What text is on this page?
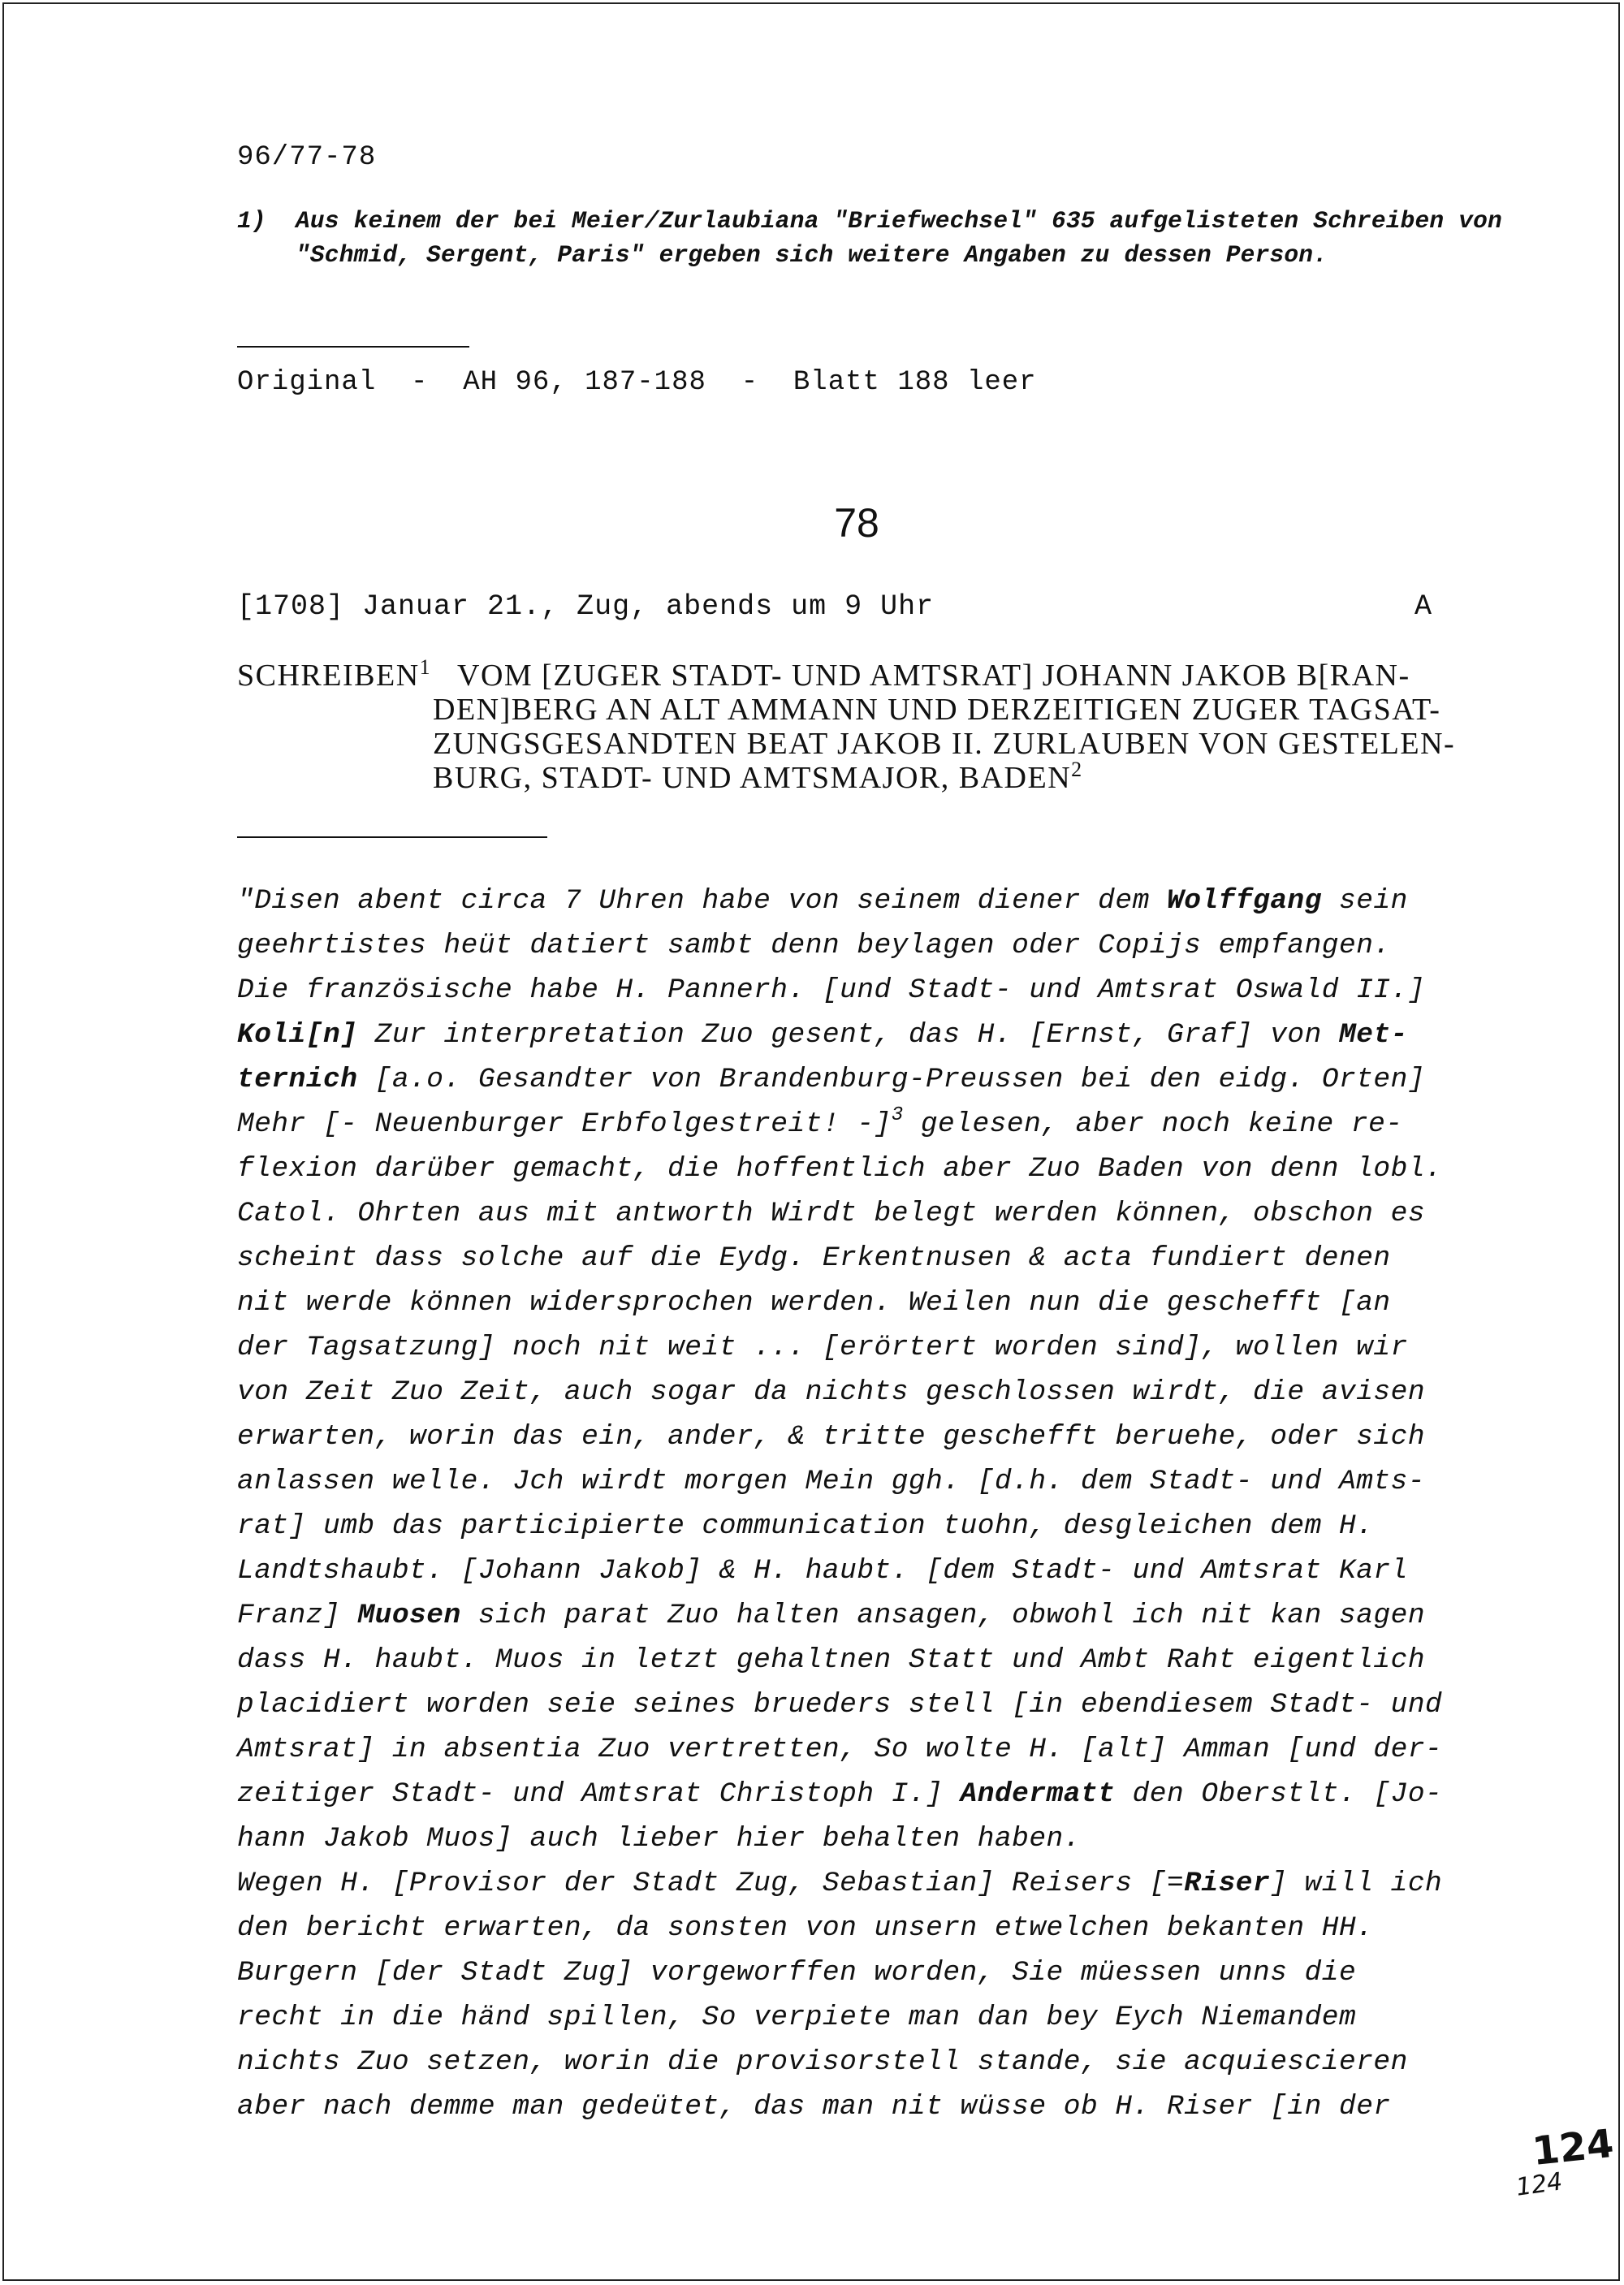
96/77-78
1) Aus keinem der bei Meier/Zurlaubiana "Briefwechsel" 635 aufgelisteten Schreiben von "Schmid, Sergent, Paris" ergeben sich weitere Angaben zu dessen Person.
Original  -  AH 96, 187-188  -  Blatt 188 leer
78
[1708] Januar 21., Zug, abends um 9 Uhr	A
SCHREIBEN$^1$ VOM [ZUGER STADT- UND AMTSRAT] JOHANN JAKOB B[RAN-
DEN]BERG AN ALT AMMANN UND DERZEITIGEN ZUGER TAGSAT-
ZUNGSGESANDTEN BEAT JAKOB II. ZURLAUBEN VON GESTELEN-
BURG, STADT- UND AMTSMAJOR, BADEN$^2$
"Disen abent circa 7 Uhren habe von seinem diener dem Wolffgang sein
geehrtistes heüt datiert sambt denn beylagen oder Copijs empfangen.
Die französische habe H. Pannerh. [und Stadt- und Amtsrat Oswald II.]
Koli[n] Zur interpretation Zuo gesent, das H. [Ernst, Graf] von Met-
ternich [a.o. Gesandter von Brandenburg-Preussen bei den eidg. Orten]
Mehr [- Neuenburger Erbfolgestreit! -]$^3$ gelesen, aber noch keine re-
flexion darüber gemacht, die hoffentlich aber Zuo Baden von denn lobl.
Catol. Ohrten aus mit antworth Wirdt belegt werden können, obschon es
scheint dass solche auf die Eydg. Erkentnusen & acta fundiert denen
nit werde können widersprochen werden. Weilen nun die geschefft [an
der Tagsatzung] noch nit weit ... [erörtert worden sind], wollen wir
von Zeit Zuo Zeit, auch sogar da nichts geschlossen wirdt, die avisen
erwarten, worin das ein, ander, & tritte geschefft beruehe, oder sich
anlassen welle. Jch wirdt morgen Mein ggh. [d.h. dem Stadt- und Amts-
rat] umb das participierte communication tuohn, desgleichen dem H.
Landtshaubt. [Johann Jakob] & H. haubt. [dem Stadt- und Amtsrat Karl
Franz] Muosen sich parat Zuo halten ansagen, obwohl ich nit kan sagen
dass H. haubt. Muos in letzt gehaltnen Statt und Ambt Raht eigentlich
placidiert worden seie seines brueders stell [in ebendiesem Stadt- und
Amtsrat] in absentia Zuo vertretten, So wolte H. [alt] Amman [und der-
zeitiger Stadt- und Amtsrat Christoph I.] Andermatt den Oberstlt. [Jo-
hann Jakob Muos] auch lieber hier behalten haben.
Wegen H. [Provisor der Stadt Zug, Sebastian] Reisers [=Riser] will ich
den bericht erwarten, da sonsten von unsern etwelchen bekanten HH.
Burgern [der Stadt Zug] vorgeworffen worden, Sie müessen unns die
recht in die händ spillen, So verpiete man dan bey Eych Niemandem
nichts Zuo setzen, worin die provisorstell stande, sie acquiescieren
aber nach demme man gedeütet, das man nit wüsse ob H. Riser [in der
124
124
